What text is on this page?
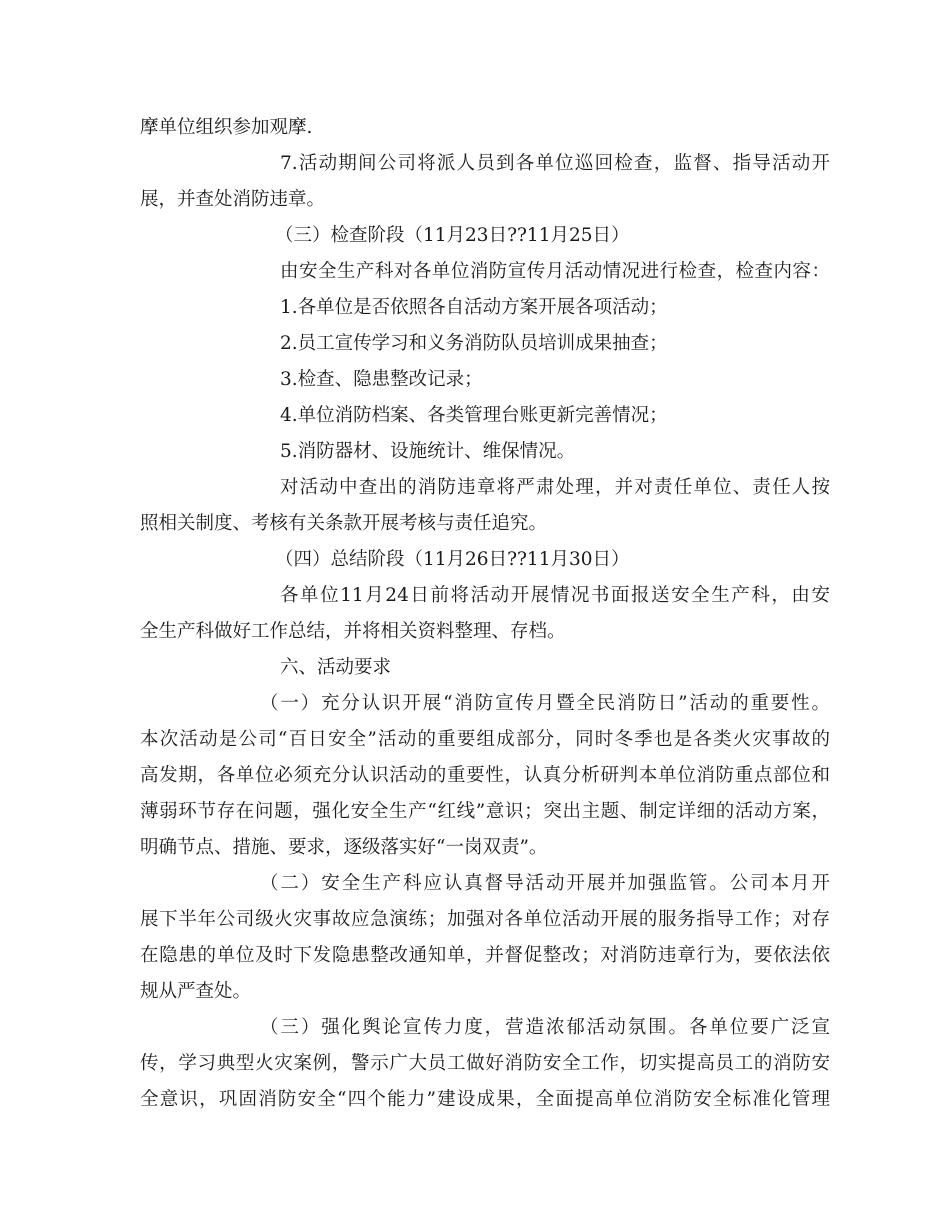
摩单位组织参加观摩.
7.活动期间公司将派人员到各单位巡回检查，监督、指导活动开
展，并查处消防违章。
（三）检查阶段（11月23日??11月25日）
由安全生产科对各单位消防宣传月活动情况进行检查，检查内容：
1.各单位是否依照各自活动方案开展各项活动；
2.员工宣传学习和义务消防队员培训成果抽查；
3.检查、隐患整改记录；
4.单位消防档案、各类管理台账更新完善情况；
5.消防器材、设施统计、维保情况。
对活动中查出的消防违章将严肃处理，并对责任单位、责任人按
照相关制度、考核有关条款开展考核与责任追究。
（四）总结阶段（11月26日??11月30日）
各单位11月24日前将活动开展情况书面报送安全生产科，由安
全生产科做好工作总结，并将相关资料整理、存档。
六、活动要求
（一）充分认识开展“消防宣传月暨全民消防日”活动的重要性。
本次活动是公司“百日安全”活动的重要组成部分，同时冬季也是各类火灾事故的
高发期，各单位必须充分认识活动的重要性，认真分析研判本单位消防重点部位和
薄弱环节存在问题，强化安全生产“红线”意识；突出主题、制定详细的活动方案，
明确节点、措施、要求，逐级落实好“一岗双责”。
（二）安全生产科应认真督导活动开展并加强监管。公司本月开
展下半年公司级火灾事故应急演练；加强对各单位活动开展的服务指导工作；对存
在隐患的单位及时下发隐患整改通知单，并督促整改；对消防违章行为，要依法依
规从严查处。
（三）强化舆论宣传力度，营造浓郁活动氛围。各单位要广泛宣
传，学习典型火灾案例，警示广大员工做好消防安全工作，切实提高员工的消防安
全意识，巩固消防安全“四个能力”建设成果，全面提高单位消防安全标准化管理
